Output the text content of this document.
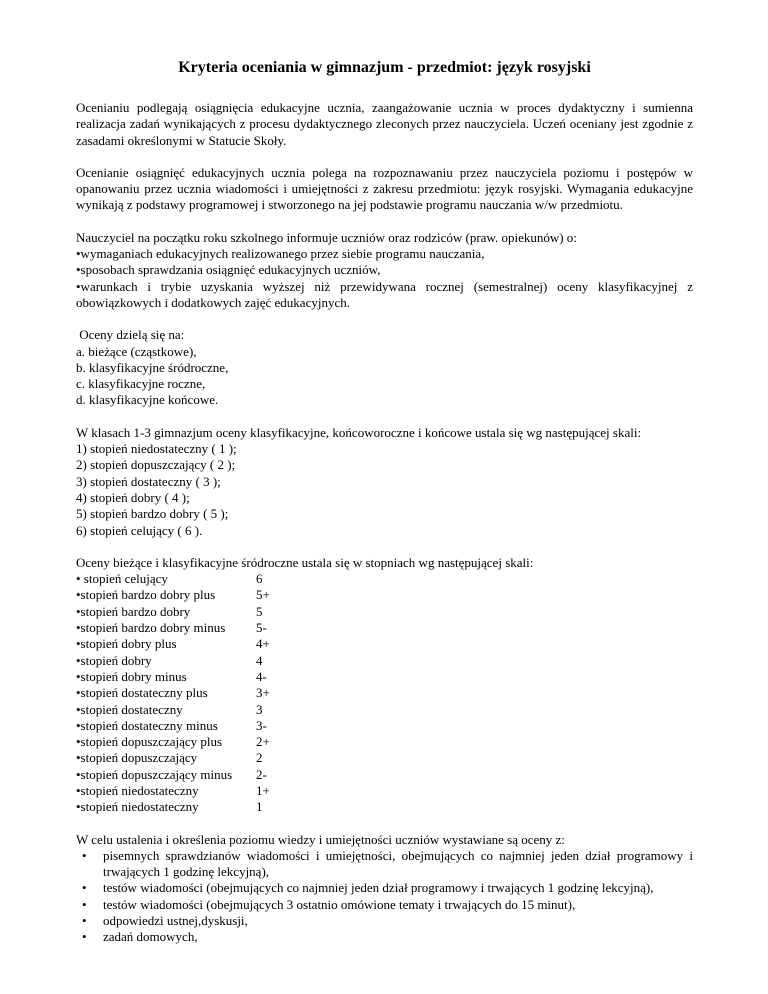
Kryteria oceniania w gimnazjum - przedmiot: język rosyjski

Ocenianiu podlegają osiągnięcia edukacyjne ucznia, zaangażowanie ucznia w proces dydaktyczny i sumienna realizacja zadań wynikających z procesu dydaktycznego zleconych przez nauczyciela. Uczeń oceniany jest zgodnie z zasadami określonymi w Statucie Skoły.

Ocenianie osiągnięć edukacyjnych ucznia polega na rozpoznawaniu przez nauczyciela poziomu i postępów w opanowaniu przez ucznia wiadomości i umiejętności z zakresu przedmiotu: język rosyjski. Wymagania edukacyjne wynikają z podstawy programowej i stworzonego na jej podstawie programu nauczania w/w przedmiotu.

Nauczyciel na początku roku szkolnego informuje uczniów oraz rodziców (praw. opiekunów) o:
•wymaganiach edukacyjnych realizowanego przez siebie programu nauczania,
•sposobach sprawdzania osiągnięć edukacyjnych uczniów,
•warunkach i trybie uzyskania wyższej niż przewidywana rocznej (semestralnej) oceny klasyfikacyjnej z obowiązkowych i dodatkowych zajęć edukacyjnych.

Oceny dzielą się na:
a. bieżące (cząstkowe),
b. klasyfikacyjne śródroczne,
c. klasyfikacyjne roczne,
d. klasyfikacyjne końcowe.
W klasach 1-3 gimnazjum oceny klasyfikacyjne, końcoworoczne i końcowe ustala się wg następującej skali:
1) stopień niedostateczny ( 1 );
2) stopień dopuszczający ( 2 );
3) stopień dostateczny ( 3 );
4) stopień dobry ( 4 );
5) stopień bardzo dobry ( 5 );
6) stopień celujący ( 6 ).
Oceny bieżące i klasyfikacyjne śródroczne ustala się w stopniach wg następującej skali:
• stopień celujący	6
•stopień bardzo dobry plus	5+
•stopień bardzo dobry	5
•stopień bardzo dobry minus	5-
•stopień dobry plus	4+
•stopień dobry	4
•stopień dobry minus	4-
•stopień dostateczny plus	3+
•stopień dostateczny	3
•stopień dostateczny minus	3-
•stopień dopuszczający plus	2+
•stopień dopuszczający	2
•stopień dopuszczający minus	2-
•stopień niedostateczny	1+
•stopień niedostateczny	1
W celu ustalenia i określenia poziomu wiedzy i umiejętności uczniów wystawiane są oceny z:
• pisemnych sprawdzianów wiadomości i umiejętności, obejmujących co najmniej jeden dział programowy i trwających 1 godzinę lekcyjną),
• testów wiadomości (obejmujących co najmniej jeden dział programowy i trwających 1 godzinę lekcyjną),
• testów wiadomości (obejmujących 3 ostatnio omówione tematy i trwających do 15 minut),
• odpowiedzi ustnej,dyskusji,
• zadań domowych,
